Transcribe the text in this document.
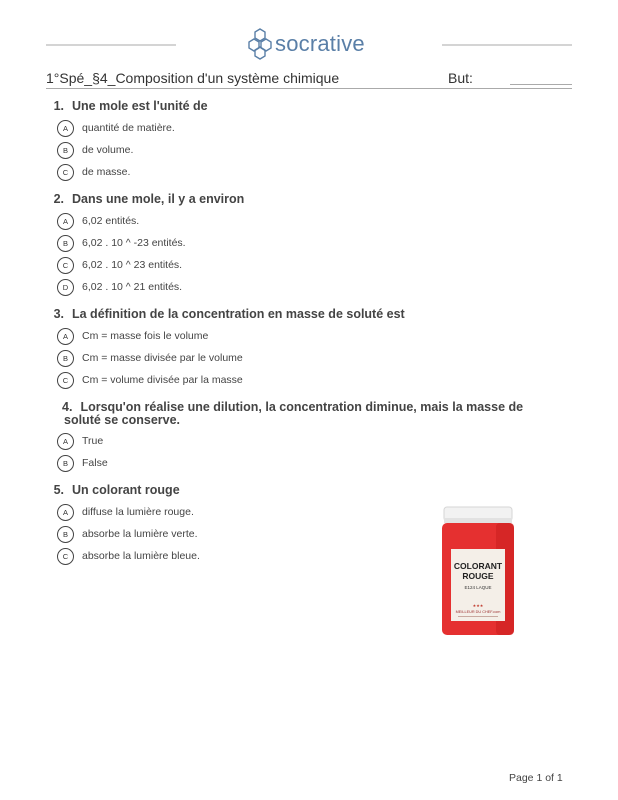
socrative
1°Spé_§4_Composition d'un système chimique	But:
1. Une mole est l'unité de
A	quantité de matière.
B	de volume.
C	de masse.
2. Dans une mole, il y a environ
A	6,02 entités.
B	6,02 . 10 ^ -23 entités.
C	6,02 . 10 ^ 23 entités.
D	6,02 . 10 ^ 21 entités.
3. La définition de la concentration en masse de soluté est
A	Cm = masse fois le volume
B	Cm = masse divisée par le volume
C	Cm = volume divisée par la masse
4. Lorsqu'on réalise une dilution, la concentration diminue, mais la masse de soluté se conserve.
A	True
B	False
5. Un colorant rouge
A	diffuse la lumière rouge.
B	absorbe la lumière verte.
C	absorbe la lumière bleue.
COLORANT
ROUGE
E124 LAQUE
★★★
MEILLEUR DU CHEF.com
Page 1 of 1
